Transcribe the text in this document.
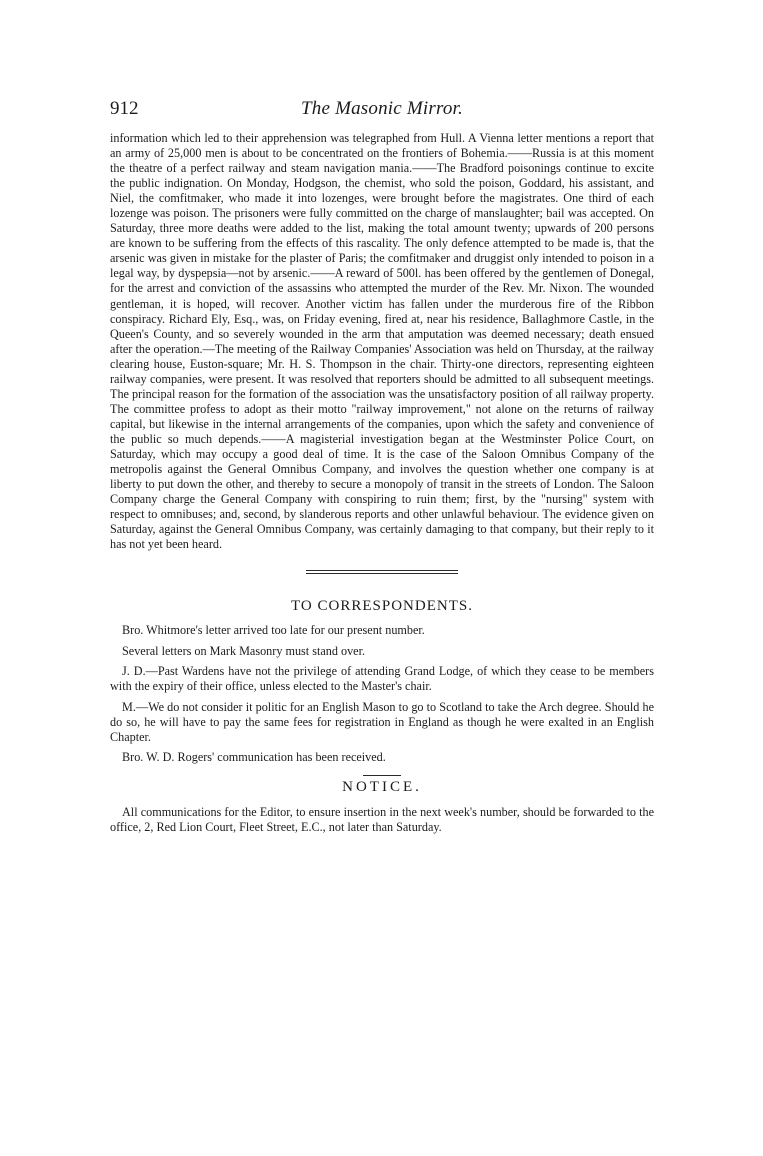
912	The Masonic Mirror.

information which led to their apprehension was telegraphed from Hull. A Vienna letter mentions a report that an army of 25,000 men is about to be concentrated on the frontiers of Bohemia.——Russia is at this moment the theatre of a perfect railway and steam navigation mania.——The Bradford poisonings continue to excite the public indignation. On Monday, Hodgson, the chemist, who sold the poison, Goddard, his assistant, and Niel, the comfitmaker, who made it into lozenges, were brought before the magistrates. One third of each lozenge was poison. The prisoners were fully committed on the charge of manslaughter; bail was accepted. On Saturday, three more deaths were added to the list, making the total amount twenty; upwards of 200 persons are known to be suffering from the effects of this rascality. The only defence attempted to be made is, that the arsenic was given in mistake for the plaster of Paris; the comfitmaker and druggist only intended to poison in a legal way, by dyspepsia—not by arsenic.——A reward of 500l. has been offered by the gentlemen of Donegal, for the arrest and conviction of the assassins who attempted the murder of the Rev. Mr. Nixon. The wounded gentleman, it is hoped, will recover. Another victim has fallen under the murderous fire of the Ribbon conspiracy. Richard Ely, Esq., was, on Friday evening, fired at, near his residence, Ballaghmore Castle, in the Queen's County, and so severely wounded in the arm that amputation was deemed necessary; death ensued after the operation.—The meeting of the Railway Companies' Association was held on Thursday, at the railway clearing house, Euston-square; Mr. H. S. Thompson in the chair. Thirty-one directors, representing eighteen railway companies, were present. It was resolved that reporters should be admitted to all subsequent meetings. The principal reason for the formation of the association was the unsatisfactory position of all railway property. The committee profess to adopt as their motto "railway improvement," not alone on the returns of railway capital, but likewise in the internal arrangements of the companies, upon which the safety and convenience of the public so much depends.——A magisterial investigation began at the Westminster Police Court, on Saturday, which may occupy a good deal of time. It is the case of the Saloon Omnibus Company of the metropolis against the General Omnibus Company, and involves the question whether one company is at liberty to put down the other, and thereby to secure a monopoly of transit in the streets of London. The Saloon Company charge the General Company with conspiring to ruin them; first, by the "nursing" system with respect to omnibuses; and, second, by slanderous reports and other unlawful behaviour. The evidence given on Saturday, against the General Omnibus Company, was certainly damaging to that company, but their reply to it has not yet been heard.

TO CORRESPONDENTS.

Bro. Whitmore's letter arrived too late for our present number.

Several letters on Mark Masonry must stand over.

J. D.—Past Wardens have not the privilege of attending Grand Lodge, of which they cease to be members with the expiry of their office, unless elected to the Master's chair.

M.—We do not consider it politic for an English Mason to go to Scotland to take the Arch degree. Should he do so, he will have to pay the same fees for registration in England as though he were exalted in an English Chapter.

Bro. W. D. Rogers' communication has been received.

NOTICE.

All communications for the Editor, to ensure insertion in the next week's number, should be forwarded to the office, 2, Red Lion Court, Fleet Street, E.C., not later than Saturday.
